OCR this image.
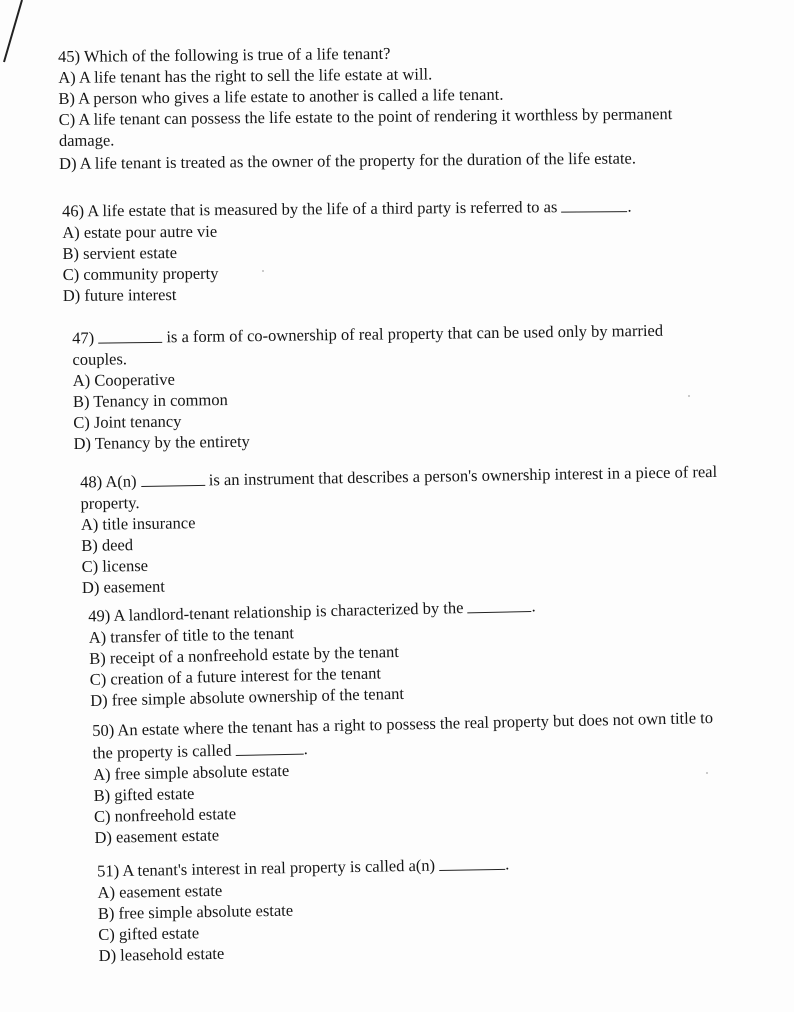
45) Which of the following is true of a life tenant?
A) A life tenant has the right to sell the life estate at will.
B) A person who gives a life estate to another is called a life tenant.
C) A life tenant can possess the life estate to the point of rendering it worthless by permanent
damage.
D) A life tenant is treated as the owner of the property for the duration of the life estate.
46) A life estate that is measured by the life of a third party is referred to as	.
A) estate pour autre vie
B) servient estate
C) community property
D) future interest
47)	is a form of co-ownership of real property that can be used only by married
couples.
A) Cooperative
B) Tenancy in common
C) Joint tenancy
D) Tenancy by the entirety
48) A(n)	is an instrument that describes a person's ownership interest in a piece of real
property.
A) title insurance
B) deed
C) license
D) easement
49) A landlord-tenant relationship is characterized by the	.
A) transfer of title to the tenant
B) receipt of a nonfreehold estate by the tenant
C) creation of a future interest for the tenant
D) free simple absolute ownership of the tenant
50) An estate where the tenant has a right to possess the real property but does not own title to
the property is called	.
A) free simple absolute estate
B) gifted estate
C) nonfreehold estate
D) easement estate
51) A tenant's interest in real property is called a(n)	.
A) easement estate
B) free simple absolute estate
C) gifted estate
D) leasehold estate
